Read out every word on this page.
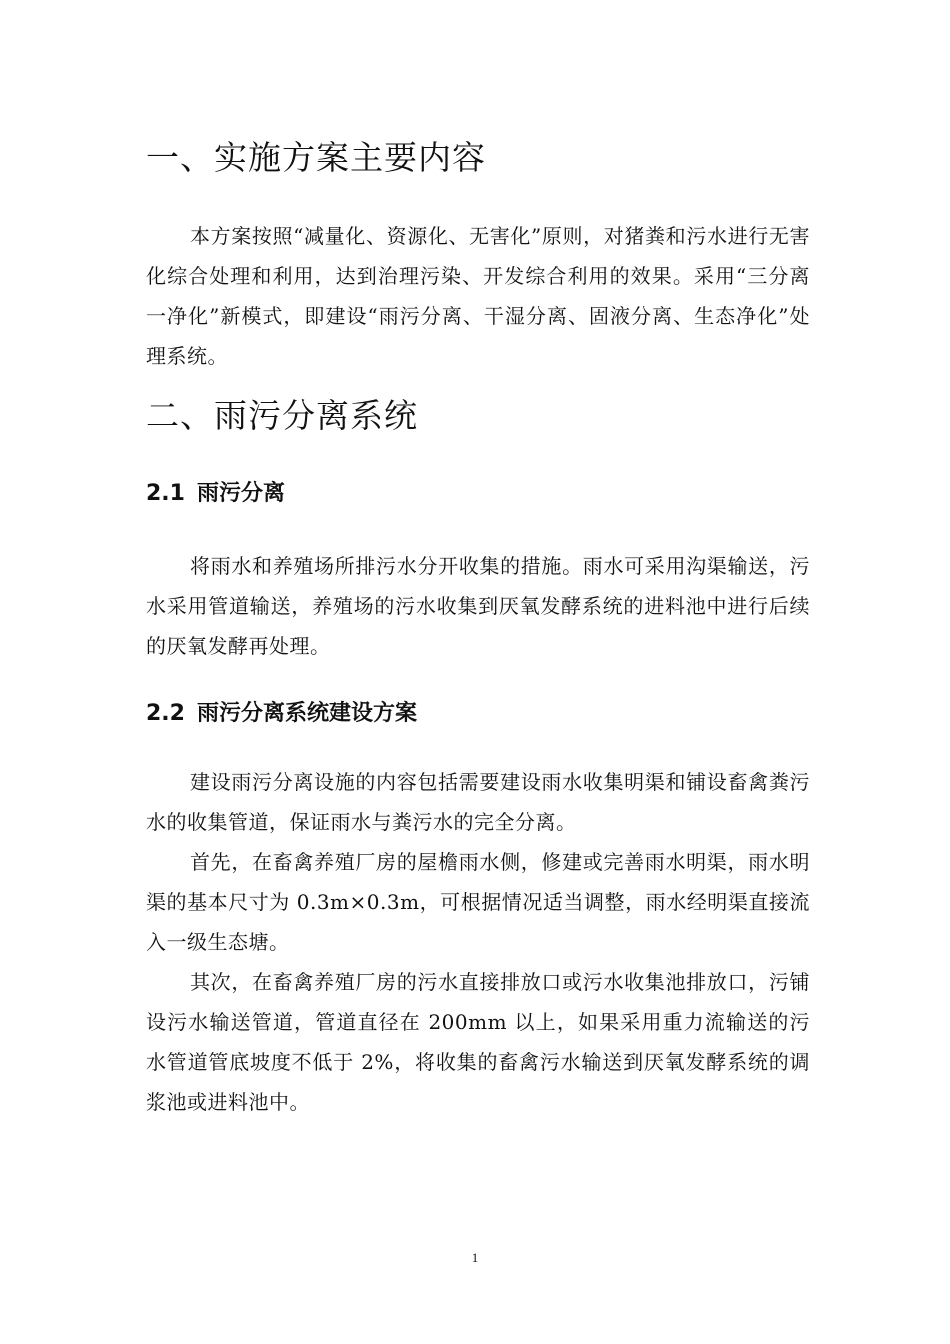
一、实施方案主要内容

本方案按照“减量化、资源化、无害化”原则，对猪粪和污水进行无害化综合处理和利用，达到治理污染、开发综合利用的效果。采用“三分离一净化”新模式，即建设“雨污分离、干湿分离、固液分离、生态净化”处理系统。

二、雨污分离系统
2.1 雨污分离

将雨水和养殖场所排污水分开收集的措施。雨水可采用沟渠输送，污水采用管道输送，养殖场的污水收集到厌氧发酵系统的进料池中进行后续的厌氧发酵再处理。

2.2 雨污分离系统建设方案

建设雨污分离设施的内容包括需要建设雨水收集明渠和铺设畜禽粪污水的收集管道，保证雨水与粪污水的完全分离。

首先，在畜禽养殖厂房的屋檐雨水侧，修建或完善雨水明渠，雨水明渠的基本尺寸为 0.3m×0.3m，可根据情况适当调整，雨水经明渠直接流入一级生态塘。

其次，在畜禽养殖厂房的污水直接排放口或污水收集池排放口，污铺设污水输送管道，管道直径在 200mm 以上，如果采用重力流输送的污水管道管底坡度不低于 2%，将收集的畜禽污水输送到厌氧发酵系统的调浆池或进料池中。

1
